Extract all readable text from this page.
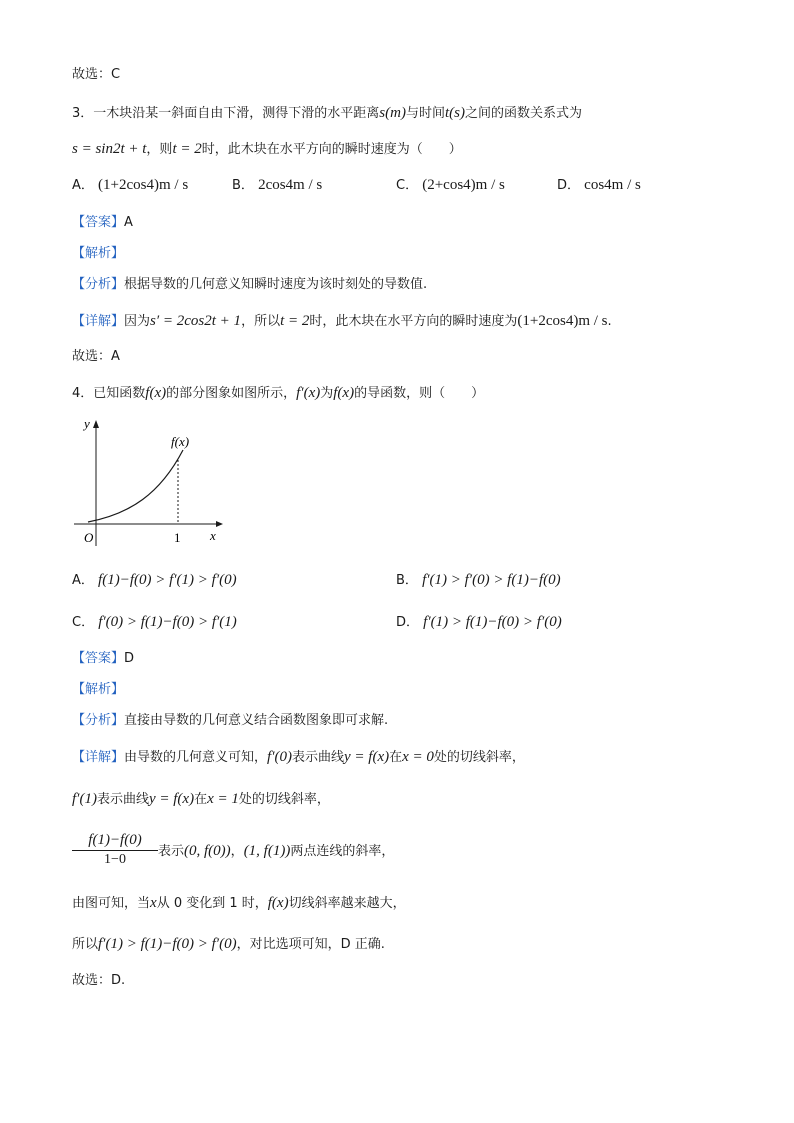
故选：C
3．一木块沿某一斜面自由下滑，测得下滑的水平距离s(m)与时间t(s)之间的函数关系式为
s = sin2t + t，则t = 2时，此木块在水平方向的瞬时速度为（　　）
A． (1+2cos4)m / s	B． 2cos4m / s	C． (2+cos4)m / s	D． cos4m / s
【答案】A
【解析】
【分析】根据导数的几何意义知瞬时速度为该时刻处的导数值.
【详解】因为s′ = 2cos2t + 1，所以t = 2时，此木块在水平方向的瞬时速度为(1+2cos4)m / s.
故选：A
4．已知函数f(x)的部分图象如图所示，f′(x)为f(x)的导函数，则（　　）
y
x
O	1
f(x)
A． f(1)−f(0) > f′(1) > f′(0)	B． f′(1) > f′(0) > f(1)−f(0)
C． f′(0) > f(1)−f(0) > f′(1)	D． f′(1) > f(1)−f(0) > f′(0)
【答案】D
【解析】
【分析】直接由导数的几何意义结合函数图象即可求解.
【详解】由导数的几何意义可知，f′(0)表示曲线y = f(x)在x = 0处的切线斜率，
f′(1)表示曲线y = f(x)在x = 1处的切线斜率，
$\frac{f(1)-f(0)}{1-0}$ 表示(0, f(0))，(1, f(1))两点连线的斜率，
由图可知，当x从 0 变化到 1 时，f(x)切线斜率越来越大，
所以f′(1) > f(1)−f(0) > f′(0)，对比选项可知，D 正确.
故选：D.
